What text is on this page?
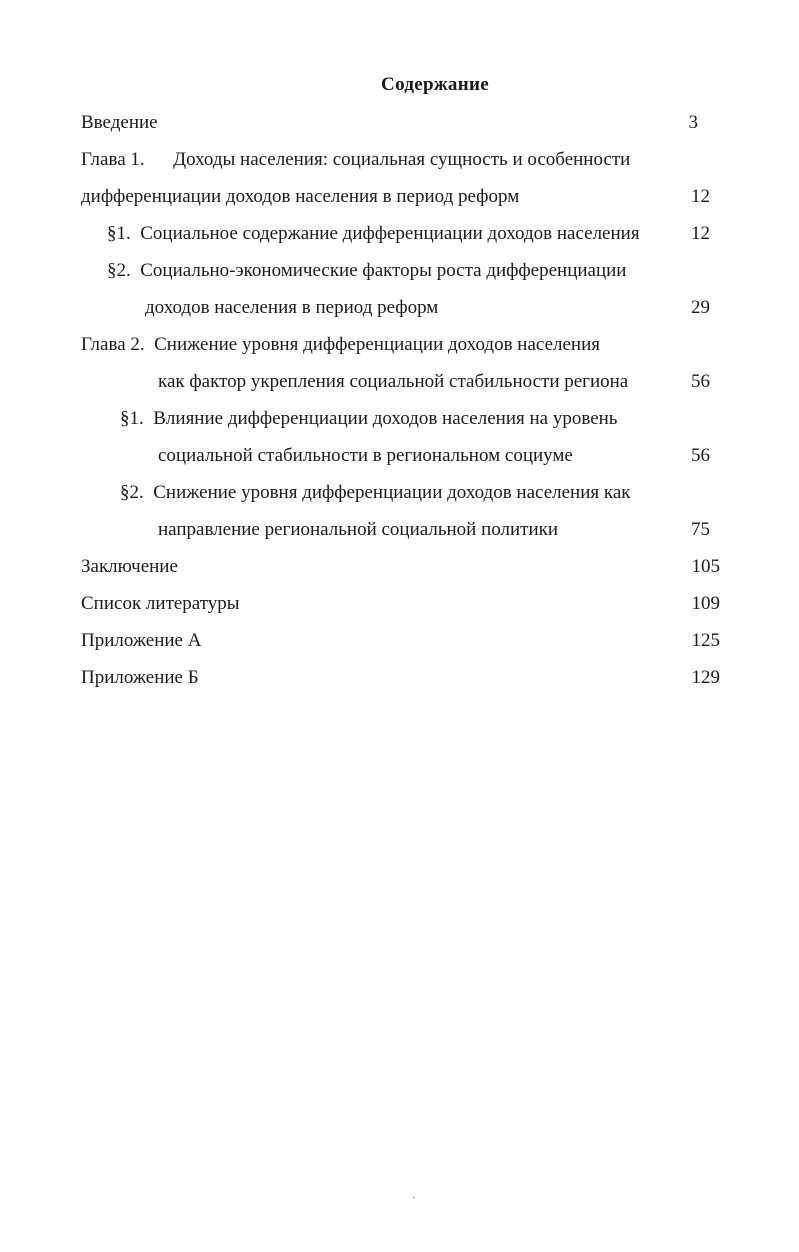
Содержание
Введение	3
Глава 1.      Доходы населения: социальная сущность и особенности
дифференциации доходов населения в период реформ	12
§1.  Социальное содержание дифференциации доходов населения	12
§2.  Социально-экономические факторы роста дифференциации
доходов населения в период реформ	29
Глава 2.  Снижение уровня дифференциации доходов населения
как фактор укрепления социальной стабильности региона	56
§1.  Влияние дифференциации доходов населения на уровень
социальной стабильности в региональном социуме	56
§2.  Снижение уровня дифференциации доходов населения как
направление региональной социальной политики	75
Заключение	105
Список литературы	109
Приложение А	125
Приложение Б	129
·
